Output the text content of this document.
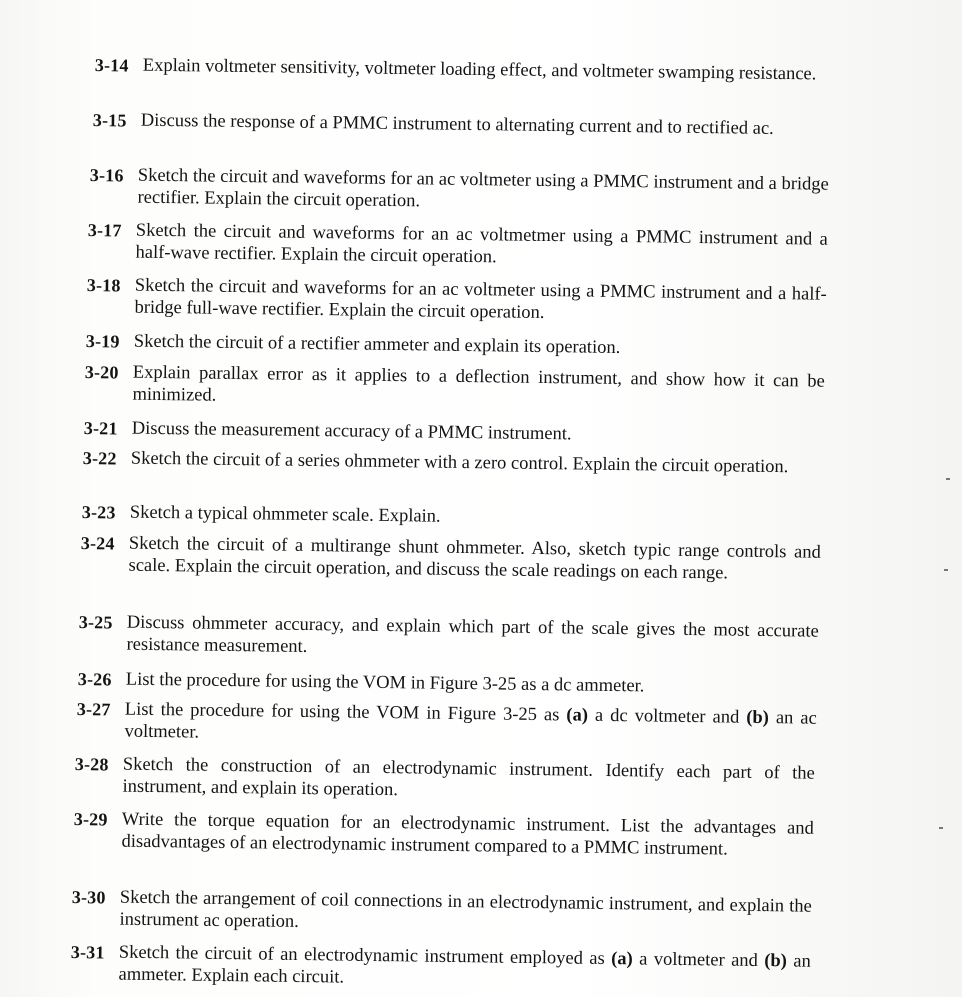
3-14 Explain voltmeter sensitivity, voltmeter loading effect, and voltmeter swamping resistance.
3-15 Discuss the response of a PMMC instrument to alternating current and to rectified ac.
3-16 Sketch the circuit and waveforms for an ac voltmeter using a PMMC instrument and a bridge rectifier. Explain the circuit operation.
3-17 Sketch the circuit and waveforms for an ac voltmetmer using a PMMC instrument and a half-wave rectifier. Explain the circuit operation.
3-18 Sketch the circuit and waveforms for an ac voltmeter using a PMMC instrument and a half-bridge full-wave rectifier. Explain the circuit operation.
3-19 Sketch the circuit of a rectifier ammeter and explain its operation.
3-20 Explain parallax error as it applies to a deflection instrument, and show how it can be minimized.
3-21 Discuss the measurement accuracy of a PMMC instrument.
3-22 Sketch the circuit of a series ohmmeter with a zero control. Explain the circuit operation.
3-23 Sketch a typical ohmmeter scale. Explain.
3-24 Sketch the circuit of a multirange shunt ohmmeter. Also, sketch typic range controls and scale. Explain the circuit operation, and discuss the scale readings on each range.
3-25 Discuss ohmmeter accuracy, and explain which part of the scale gives the most accurate resistance measurement.
3-26 List the procedure for using the VOM in Figure 3-25 as a dc ammeter.
3-27 List the procedure for using the VOM in Figure 3-25 as (a) a dc voltmeter and (b) an ac voltmeter.
3-28 Sketch the construction of an electrodynamic instrument. Identify each part of the instrument, and explain its operation.
3-29 Write the torque equation for an electrodynamic instrument. List the advantages and disadvantages of an electrodynamic instrument compared to a PMMC instrument.
3-30 Sketch the arrangement of coil connections in an electrodynamic instrument, and explain the instrument ac operation.
3-31 Sketch the circuit of an electrodynamic instrument employed as (a) a voltmeter and (b) an ammeter. Explain each circuit.
